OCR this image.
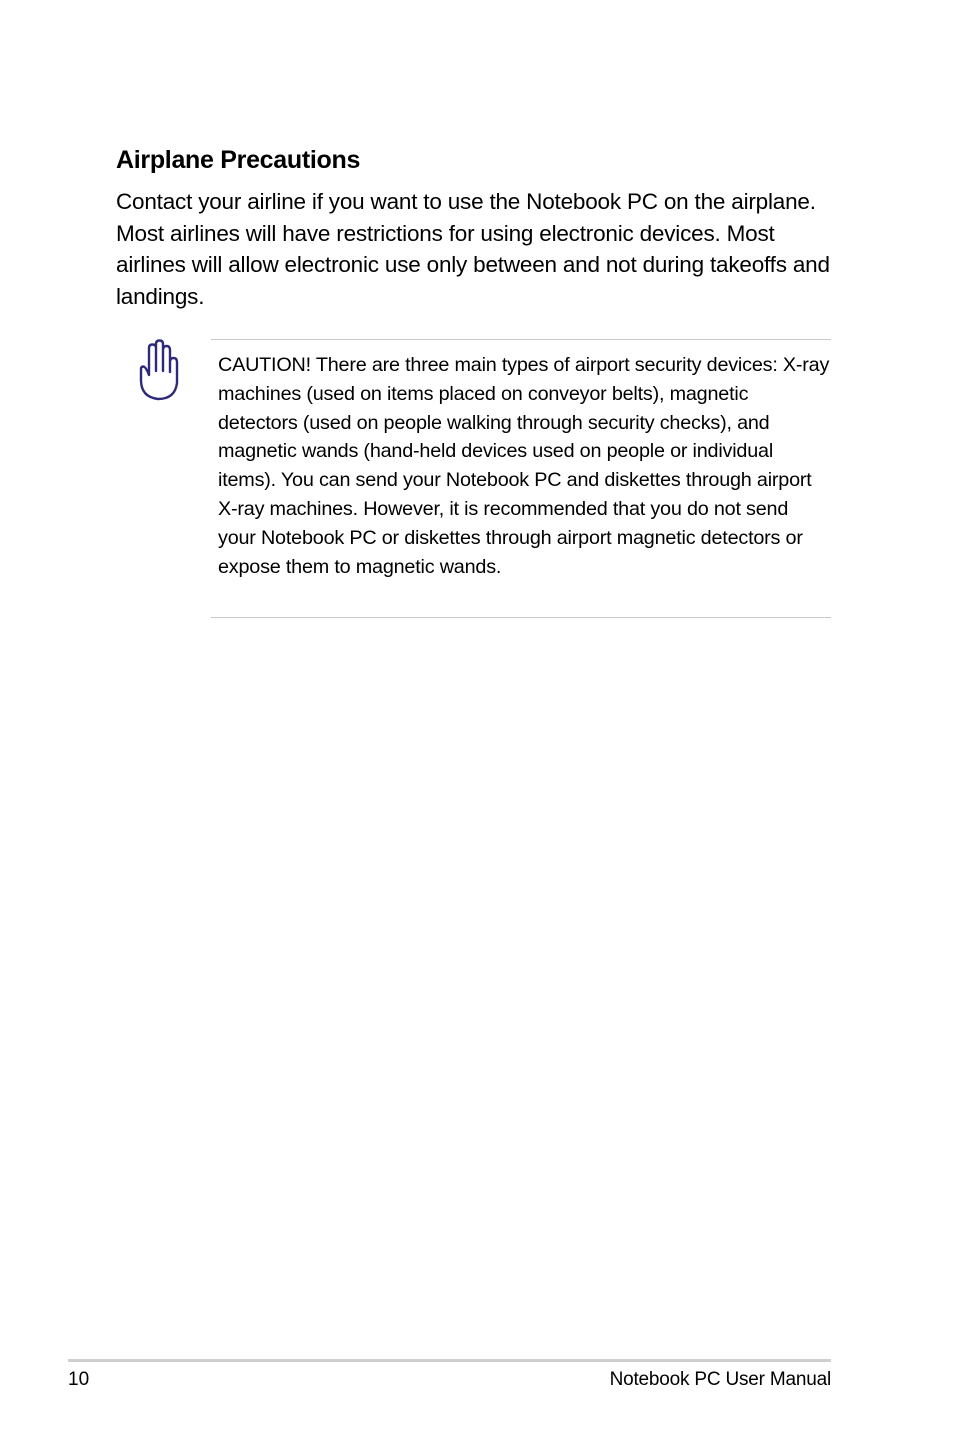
Airplane Precautions

Contact your airline if you want to use the Notebook PC on the airplane. Most airlines will have restrictions for using electronic devices. Most airlines will allow electronic use only between and not during takeoffs and landings.

CAUTION! There are three main types of airport security devices: X-ray machines (used on items placed on conveyor belts), magnetic detectors (used on people walking through security checks), and magnetic wands (hand-held devices used on people or individual items). You can send your Notebook PC and diskettes through airport X-ray machines. However, it is recommended that you do not send your Notebook PC or diskettes through airport magnetic detectors or expose them to magnetic wands.

10	Notebook PC User Manual
